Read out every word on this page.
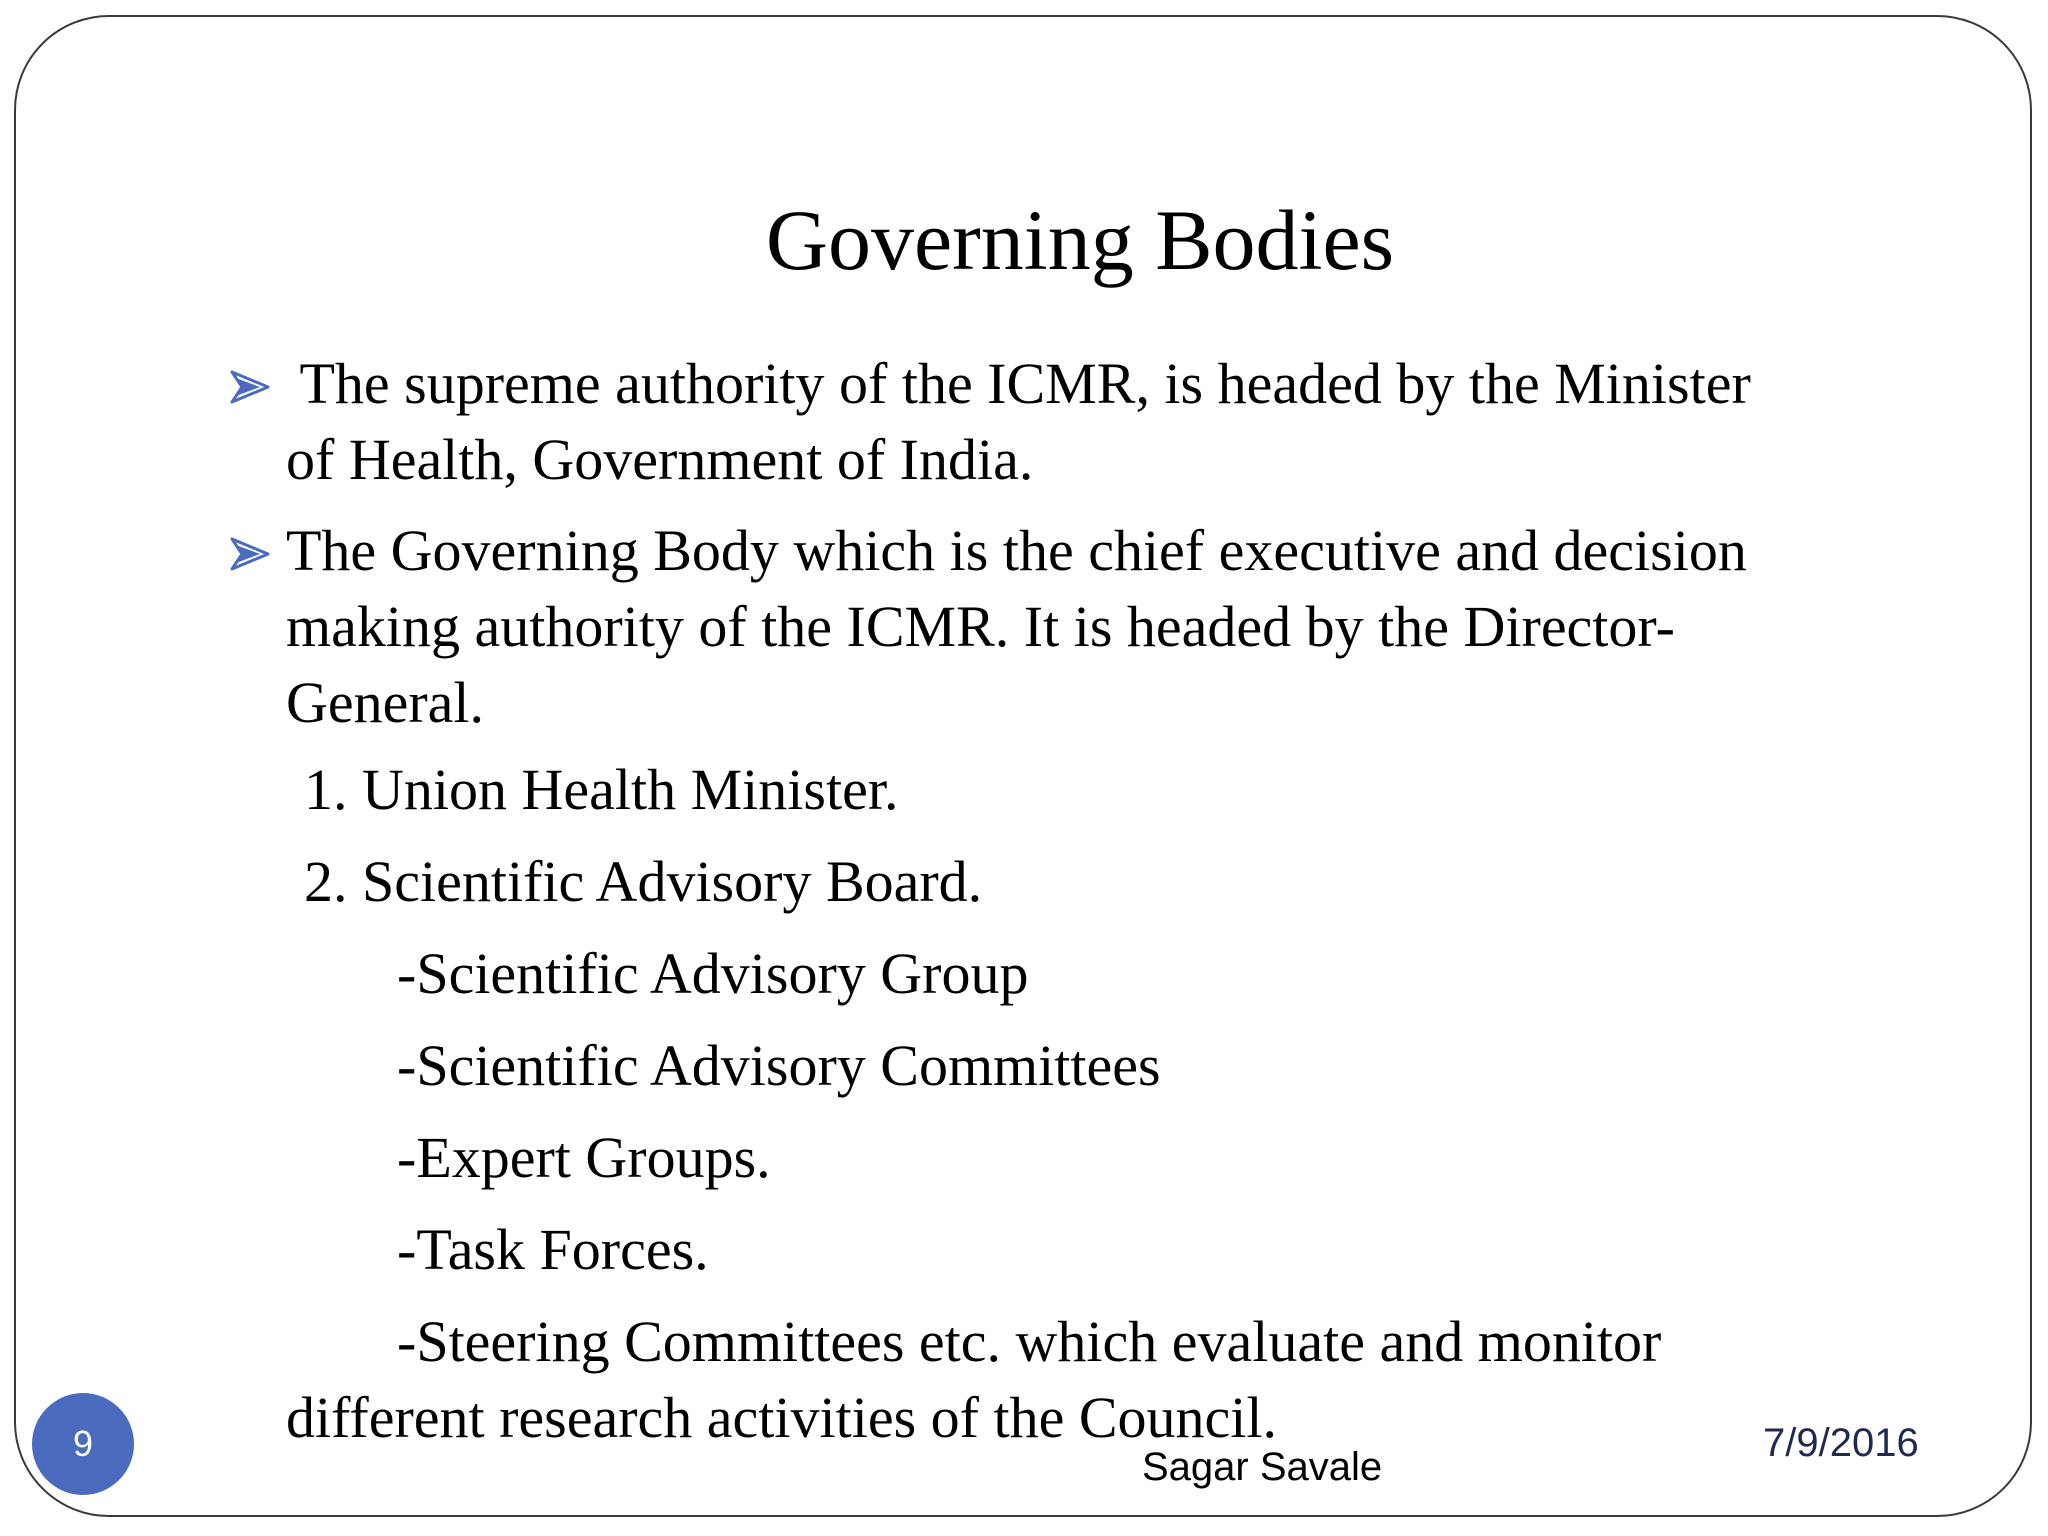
Governing Bodies
The supreme authority of the ICMR, is headed by the Minister
of Health, Government of India.
The Governing Body which is the chief executive and decision
making authority of the ICMR. It is headed by the Director-
General.
1. Union Health Minister.
2. Scientific Advisory Board.
-Scientific Advisory Group
-Scientific Advisory Committees
-Expert Groups.
-Task Forces.
-Steering Committees etc. which evaluate and monitor
different research activities of the Council.
9
Sagar Savale
7/9/2016
